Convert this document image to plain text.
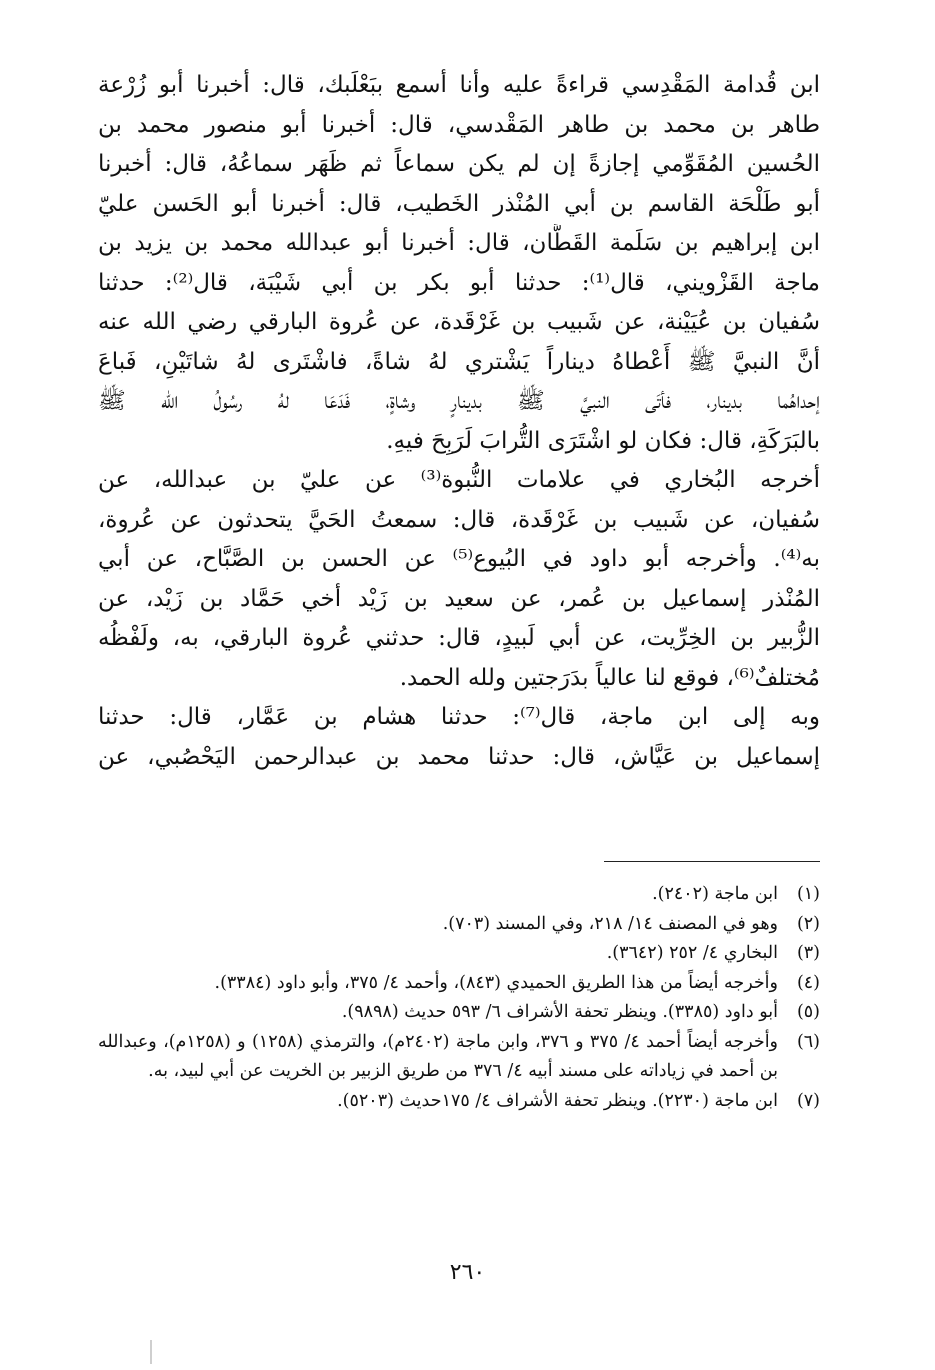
ابن قُدامة المَقْدِسي قراءةً عليه وأنا أسمع ببَعْلَبك، قال: أخبرنا أبو زُرْعة
طاهر بن محمد بن طاهر المَقْدسي، قال: أخبرنا أبو منصور محمد بن
الحُسين المُقَوِّمي إجازةً إن لم يكن سماعاً ثم ظَهَر سماعُهُ، قال: أخبرنا
أبو طَلْحَة القاسم بن أبي المُنْذر الخَطيب، قال: أخبرنا أبو الحَسن عليّ
ابن إبراهيم بن سَلَمة القَطَّان، قال: أخبرنا أبو عبدالله محمد بن يزيد بن
ماجة القَزْويني، قال⁽¹⁾: حدثنا أبو بكر بن أبي شَيْبَة، قال⁽²⁾: حدثنا
سُفيان بن عُيَيْنة، عن شَبيب بن غَرْقَدة، عن عُروة البارقي رضي الله عنه
أنَّ النبيَّ ﷺ أَعْطاهُ ديناراً يَشْتري لهُ شاةً، فاشْتَرى لهُ شاتَيْنِ، فَباعَ
إحداهُما بدينار، فأتَى النبيَّ ﷺ بدينارٍ وشاةٍ، فَدَعَا لهُ رسُولُ الله ﷺ
بالبَرَكَةِ، قال: فكان لو اشْتَرَى التُّرابَ لَرَبِحَ فيهِ.
أخرجه البُخاري في علامات النُّبوة⁽³⁾ عن عليّ بن عبدالله، عن
سُفيان، عن شَبيب بن غَرْقَدة، قال: سمعتُ الحَيَّ يتحدثون عن عُروة،
به⁽⁴⁾. وأخرجه أبو داود في البُيوع⁽⁵⁾ عن الحسن بن الصَّبَّاح، عن أبي
المُنْذر إسماعيل بن عُمر، عن سعيد بن زَيْد أخي حَمَّاد بن زَيْد، عن
الزُّبير بن الخِرِّيت، عن أبي لَبيدٍ، قال: حدثني عُروة البارقي، به، ولَفْظُه
مُختلفٌ⁽⁶⁾، فوقع لنا عالياً بدَرَجتين ولله الحمد.
وبه إلى ابن ماجة، قال⁽⁷⁾: حدثنا هشام بن عَمَّار، قال: حدثنا
إسماعيل بن عَيَّاش، قال: حدثنا محمد بن عبدالرحمن اليَحْصُبي، عن
(١)
ابن ماجة (٢٤٠٢).
(٢)
وهو في المصنف ١٤/ ٢١٨، وفي المسند (٧٠٣).
(٣)
البخاري ٤/ ٢٥٢ (٣٦٤٢).
(٤)
وأخرجه أيضاً من هذا الطريق الحميدي (٨٤٣)، وأحمد ٤/ ٣٧٥، وأبو داود (٣٣٨٤).
(٥)
أبو داود (٣٣٨٥). وينظر تحفة الأشراف ٦/ ٥٩٣ حديث (٩٨٩٨).
(٦)
وأخرجه أيضاً أحمد ٤/ ٣٧٥ و ٣٧٦، وابن ماجة (٢٤٠٢م)، والترمذي (١٢٥٨) و (١٢٥٨م)، وعبدالله بن أحمد في زياداته على مسند أبيه ٤/ ٣٧٦ من طريق الزبير بن الخريت عن أبي لبيد، به.
(٧)
ابن ماجة (٢٢٣٠). وينظر تحفة الأشراف ٤/ ١٧٥حديث (٥٢٠٣).
٢٦٠
